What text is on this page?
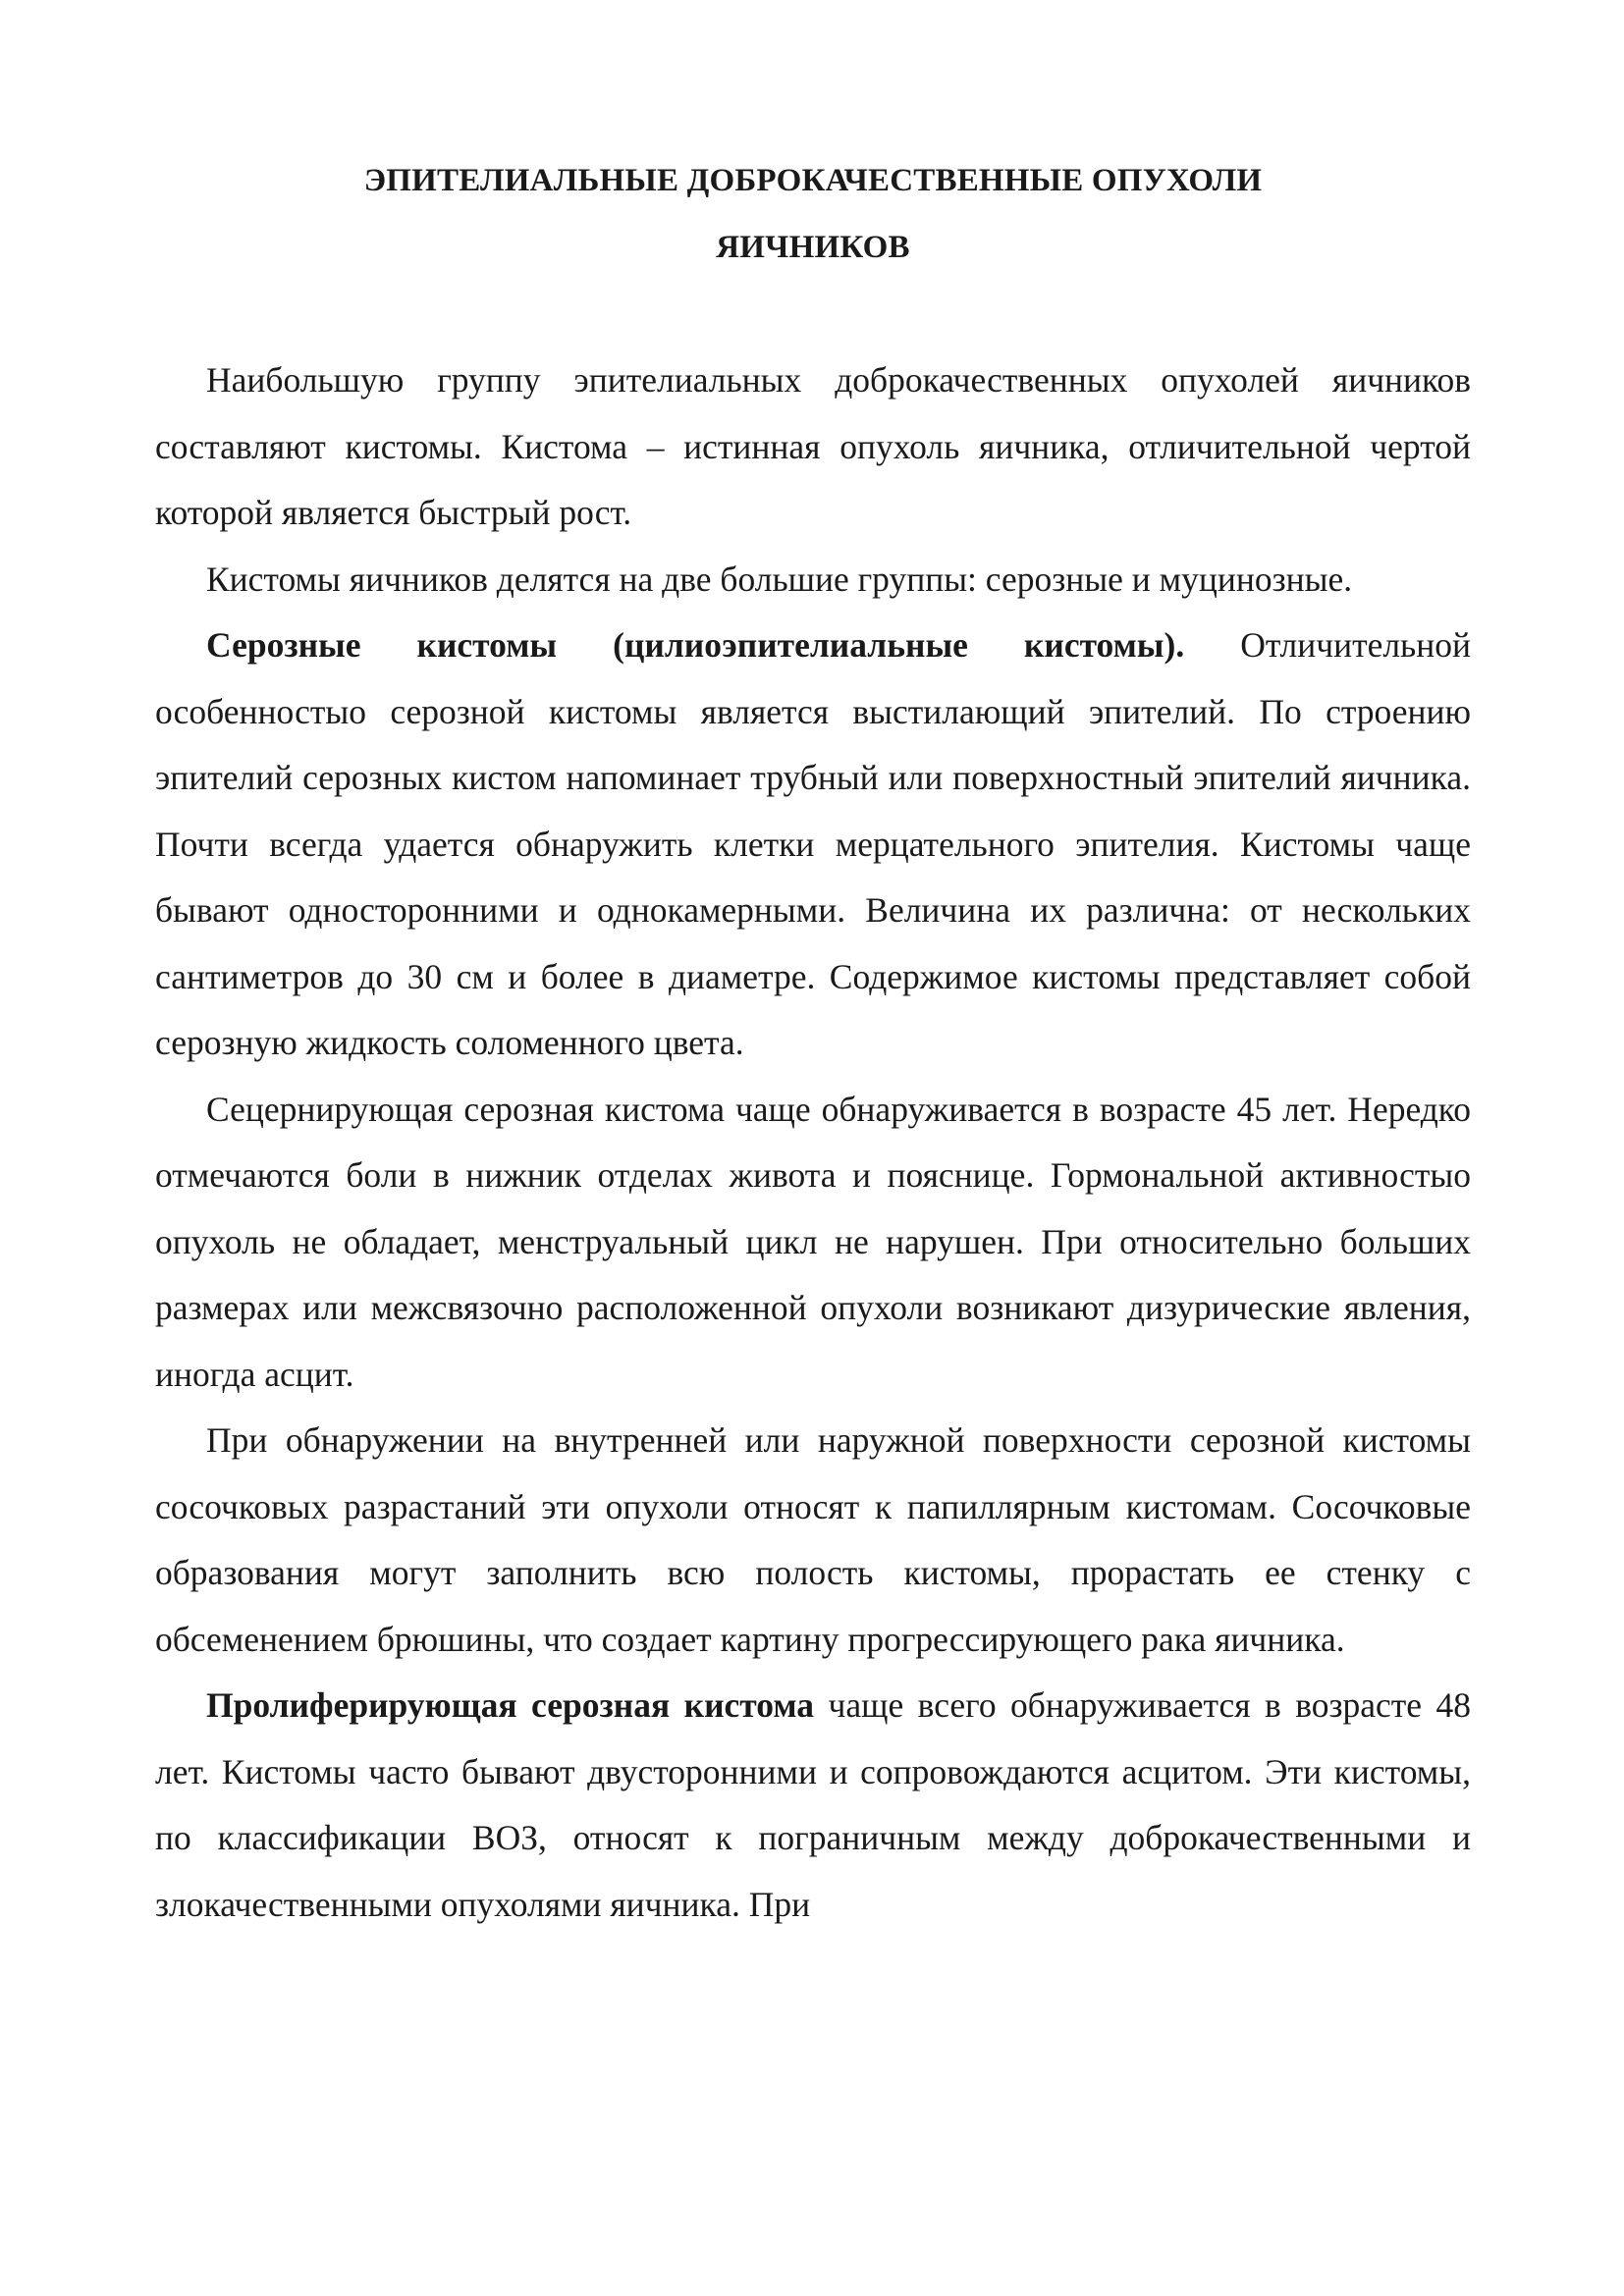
ЭПИТЕЛИАЛЬНЫЕ ДОБРОКАЧЕСТВЕННЫЕ ОПУХОЛИ
ЯИЧНИКОВ

Наибольшую группу эпителиальных доброкачественных опухолей яичников составляют кистомы. Кистома – истинная опухоль яичника, отличительной чертой которой является быстрый рост.

Кистомы яичников делятся на две большие группы: серозные и муцинозные.

Серозные кистомы (цилиоэпителиальные кистомы). Отличительной особенностыо серозной кистомы является выстилающий эпителий. По строению эпителий серозных кистом напоминает трубный или поверхностный эпителий яичника. Почти всегда удается обнаружить клетки мерцательного эпителия. Кистомы чаще бывают односторонними и однокамерными. Величина их различна: от нескольких сантиметров до 30 см и более в диаметре. Содержимое кистомы представляет собой серозную жидкость соломенного цвета.

Сецернирующая серозная кистома чаще обнаруживается в возрасте 45 лет. Нередко отмечаются боли в нижник отделах живота и пояснице. Гормональной активностыо опухоль не обладает, менструальный цикл не нарушен. При относительно больших размерах или межсвязочно расположенной опухоли возникают дизурические явления, иногда асцит.

При обнаружении на внутренней или наружной поверхности серозной кистомы сосочковых разрастаний эти опухоли относят к папиллярным кистомам. Сосочковые образования могут заполнить всю полость кистомы, прорастать ее стенку с обсеменением брюшины, что создает картину прогрессирующего рака яичника.

Пролиферирующая серозная кистома чаще всего обнаруживается в возрасте 48 лет. Кистомы часто бывают двусторонними и сопровождаются асцитом. Эти кистомы, по классификации ВОЗ, относят к пограничным между доброкачественными и злокачественными опухолями яичника. При
